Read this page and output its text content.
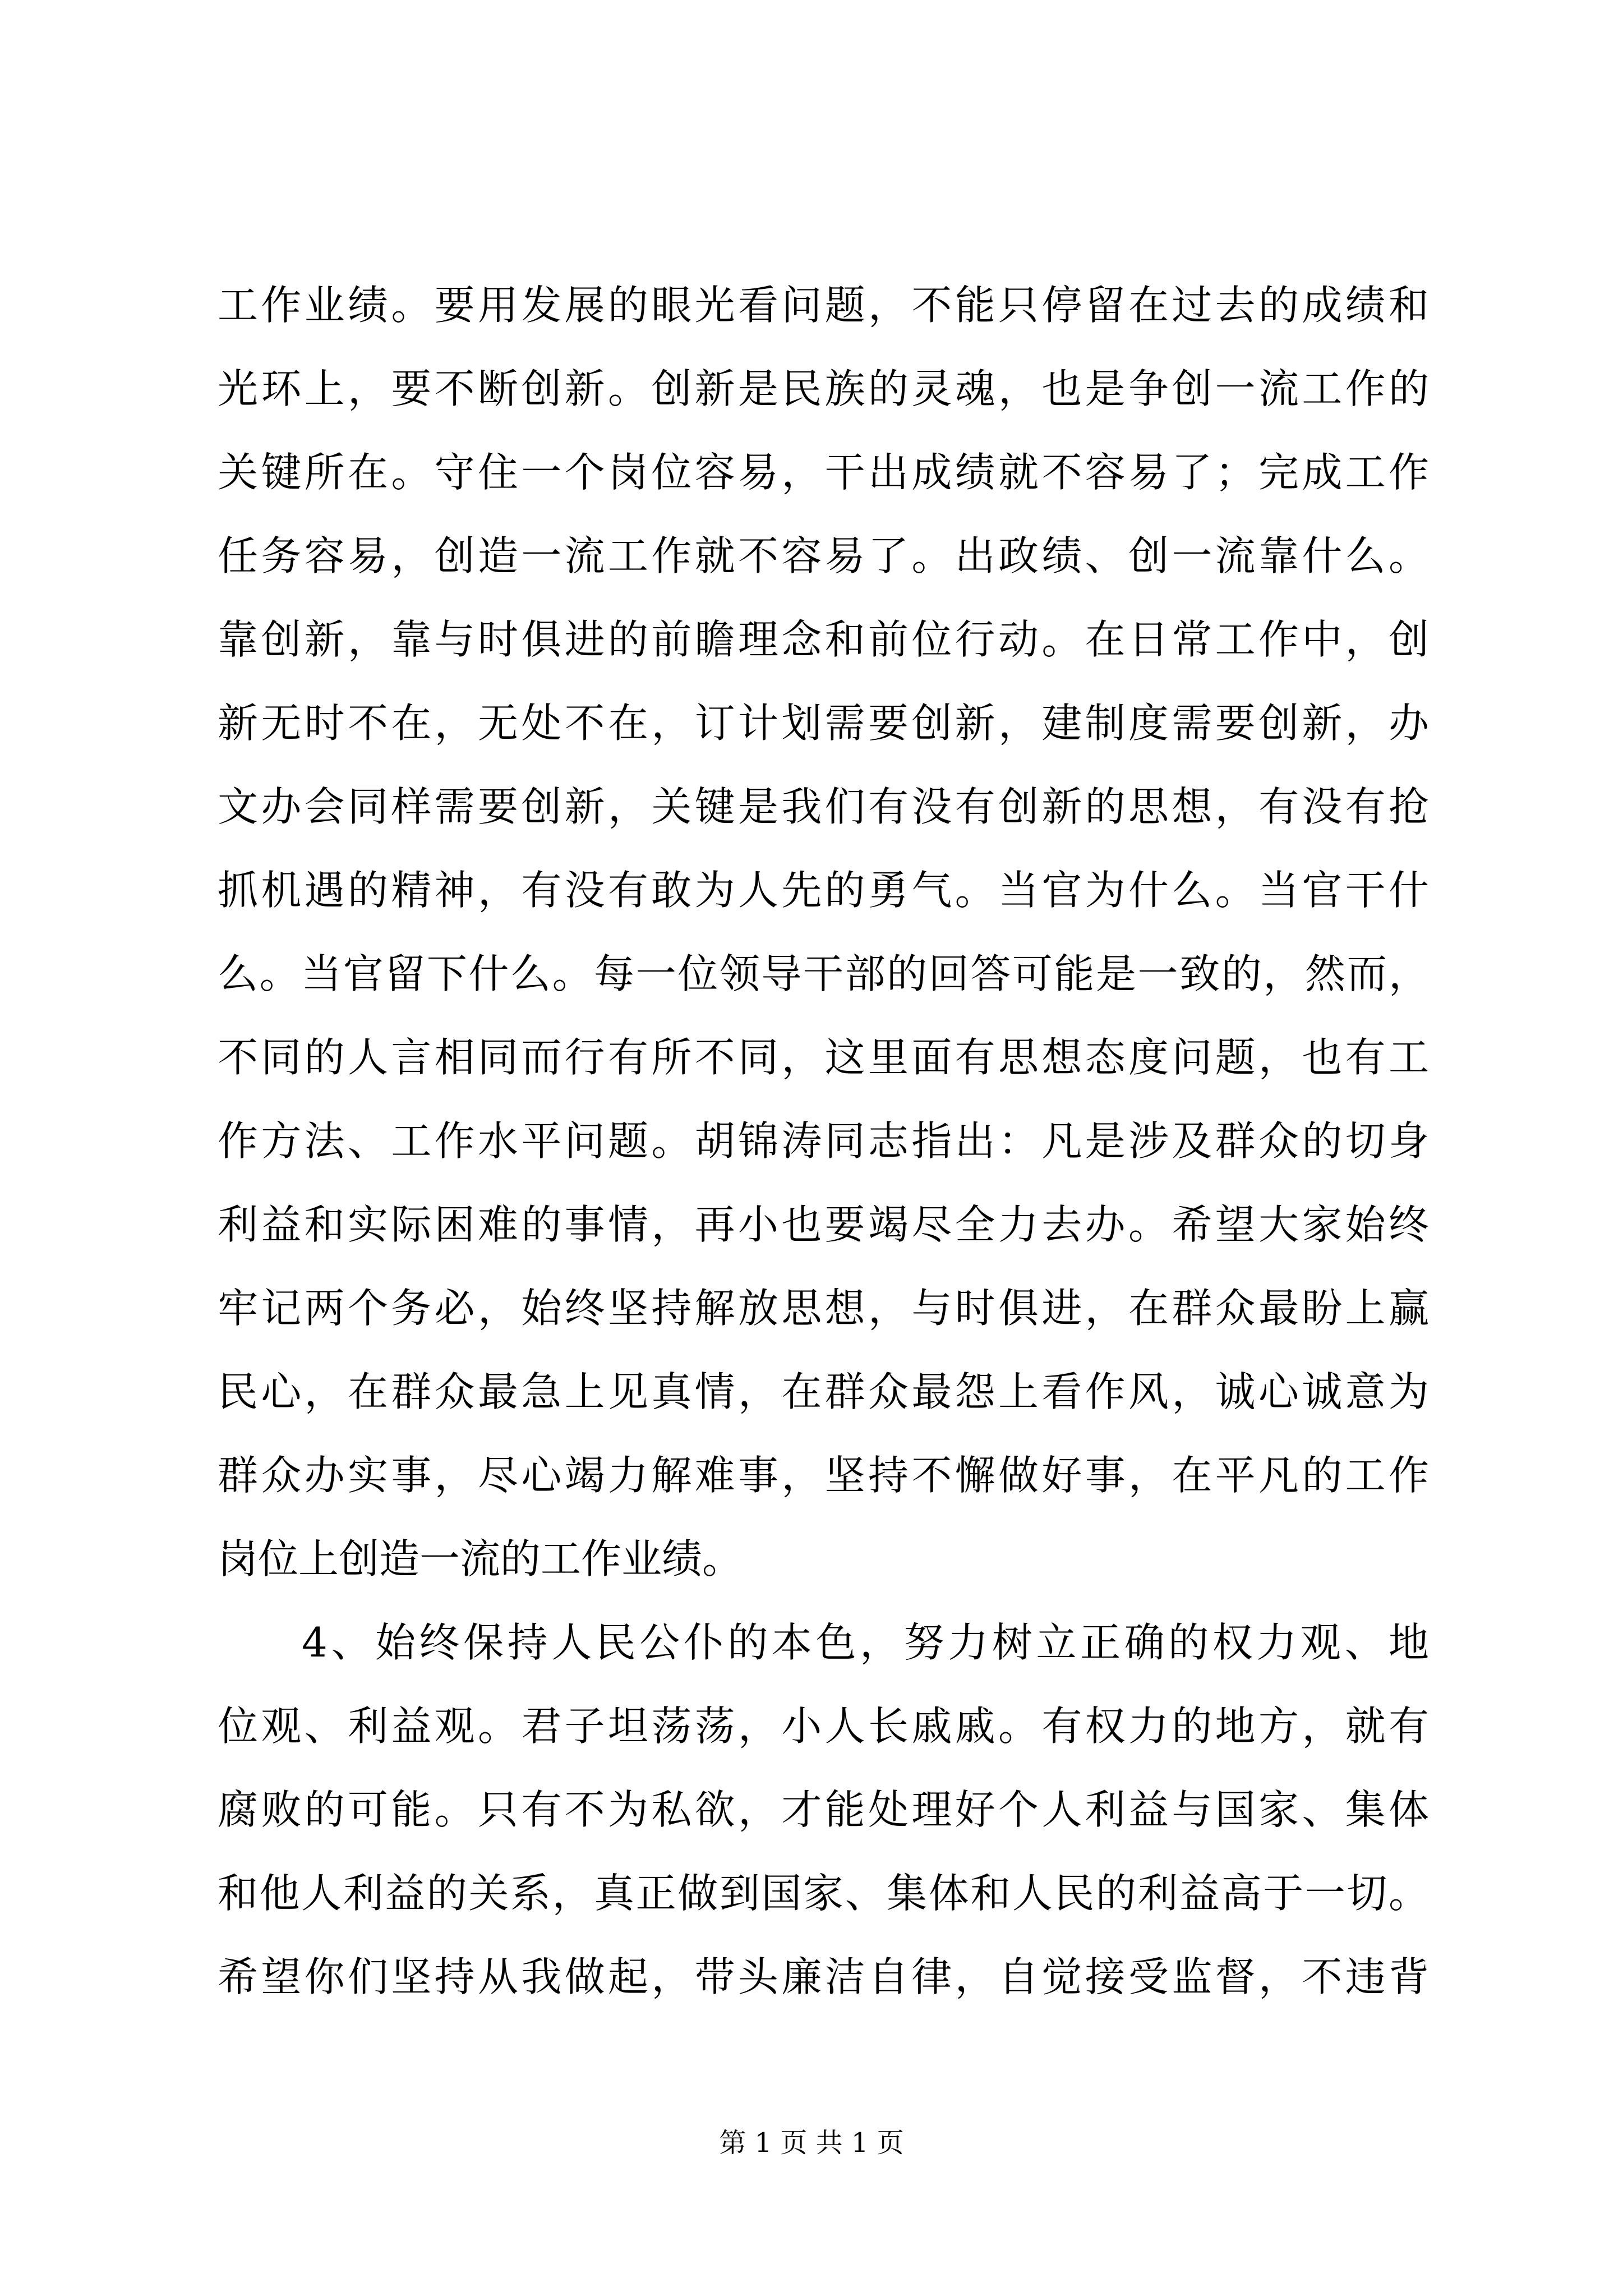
工作业绩。要用发展的眼光看问题，不能只停留在过去的成绩和
光环上，要不断创新。创新是民族的灵魂，也是争创一流工作的
关键所在。守住一个岗位容易，干出成绩就不容易了；完成工作
任务容易，创造一流工作就不容易了。出政绩、创一流靠什么。
靠创新，靠与时俱进的前瞻理念和前位行动。在日常工作中，创
新无时不在，无处不在，订计划需要创新，建制度需要创新，办
文办会同样需要创新，关键是我们有没有创新的思想，有没有抢
抓机遇的精神，有没有敢为人先的勇气。当官为什么。当官干什
么。当官留下什么。每一位领导干部的回答可能是一致的，然而，
不同的人言相同而行有所不同，这里面有思想态度问题，也有工
作方法、工作水平问题。胡锦涛同志指出：凡是涉及群众的切身
利益和实际困难的事情，再小也要竭尽全力去办。希望大家始终
牢记两个务必，始终坚持解放思想，与时俱进，在群众最盼上赢
民心，在群众最急上见真情，在群众最怨上看作风，诚心诚意为
群众办实事，尽心竭力解难事，坚持不懈做好事，在平凡的工作
岗位上创造一流的工作业绩。
4、始终保持人民公仆的本色，努力树立正确的权力观、地
位观、利益观。君子坦荡荡，小人长戚戚。有权力的地方，就有
腐败的可能。只有不为私欲，才能处理好个人利益与国家、集体
和他人利益的关系，真正做到国家、集体和人民的利益高于一切。
希望你们坚持从我做起，带头廉洁自律，自觉接受监督，不违背
第 1 页 共 1 页
